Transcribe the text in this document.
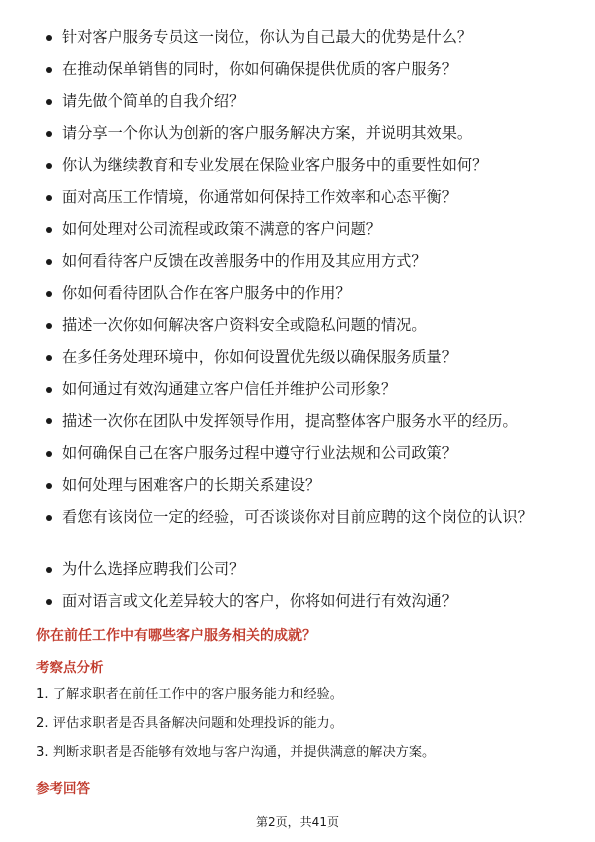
针对客户服务专员这一岗位，你认为自己最大的优势是什么？
在推动保单销售的同时，你如何确保提供优质的客户服务？
请先做个简单的自我介绍？
请分享一个你认为创新的客户服务解决方案，并说明其效果。
你认为继续教育和专业发展在保险业客户服务中的重要性如何？
面对高压工作情境，你通常如何保持工作效率和心态平衡？
如何处理对公司流程或政策不满意的客户问题？
如何看待客户反馈在改善服务中的作用及其应用方式？
你如何看待团队合作在客户服务中的作用？
描述一次你如何解决客户资料安全或隐私问题的情况。
在多任务处理环境中，你如何设置优先级以确保服务质量？
如何通过有效沟通建立客户信任并维护公司形象？
描述一次你在团队中发挥领导作用，提高整体客户服务水平的经历。
如何确保自己在客户服务过程中遵守行业法规和公司政策？
如何处理与困难客户的长期关系建设？
看您有该岗位一定的经验，可否谈谈你对目前应聘的这个岗位的认识？
为什么选择应聘我们公司？
面对语言或文化差异较大的客户，你将如何进行有效沟通？
你在前任工作中有哪些客户服务相关的成就？
考察点分析
1. 了解求职者在前任工作中的客户服务能力和经验。
2. 评估求职者是否具备解决问题和处理投诉的能力。
3. 判断求职者是否能够有效地与客户沟通，并提供满意的解决方案。
参考回答
第2页，共41页
